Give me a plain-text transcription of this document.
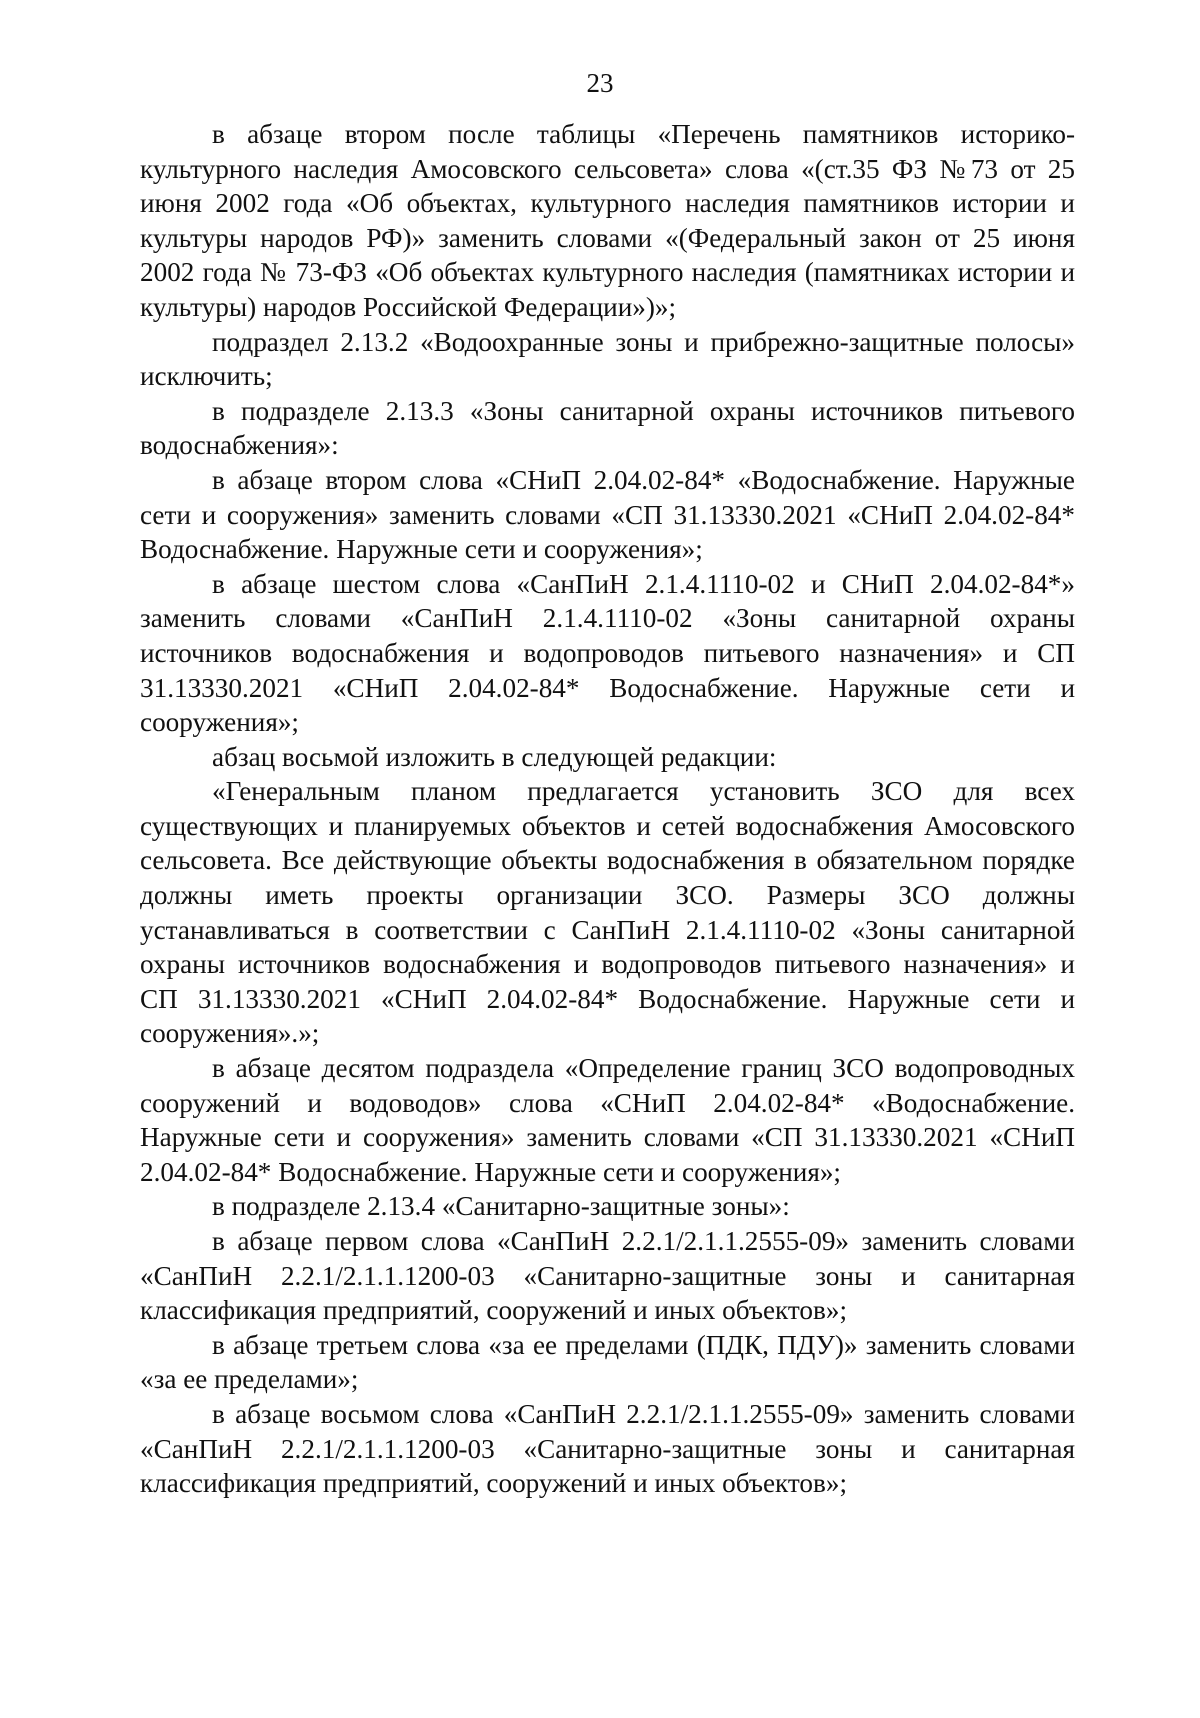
23

в абзаце втором после таблицы «Перечень памятников историко-культурного наследия Амосовского сельсовета» слова «(ст.35 ФЗ №73 от 25 июня 2002 года «Об объектах, культурного наследия памятников истории и культуры народов РФ)» заменить словами «(Федеральный закон от 25 июня 2002 года № 73-ФЗ «Об объектах культурного наследия (памятниках истории и культуры) народов Российской Федерации»)»;

подраздел 2.13.2 «Водоохранные зоны и прибрежно-защитные полосы» исключить;

в подразделе 2.13.3 «Зоны санитарной охраны источников питьевого водоснабжения»:

в абзаце втором слова «СНиП 2.04.02-84* «Водоснабжение. Наружные сети и сооружения» заменить словами «СП 31.13330.2021 «СНиП 2.04.02-84* Водоснабжение. Наружные сети и сооружения»;

в абзаце шестом слова «СанПиН 2.1.4.1110-02 и СНиП 2.04.02-84*» заменить словами «СанПиН 2.1.4.1110-02 «Зоны санитарной охраны источников водоснабжения и водопроводов питьевого назначения» и СП 31.13330.2021 «СНиП 2.04.02-84* Водоснабжение. Наружные сети и сооружения»;

абзац восьмой изложить в следующей редакции:

«Генеральным планом предлагается установить ЗСО для всех существующих и планируемых объектов и сетей водоснабжения Амосовского сельсовета. Все действующие объекты водоснабжения в обязательном порядке должны иметь проекты организации ЗСО. Размеры ЗСО должны устанавливаться в соответствии с СанПиН 2.1.4.1110-02 «Зоны санитарной охраны источников водоснабжения и водопроводов питьевого назначения» и СП 31.13330.2021 «СНиП 2.04.02-84* Водоснабжение. Наружные сети и сооружения».»;

в абзаце десятом подраздела «Определение границ ЗСО водопроводных сооружений и водоводов» слова «СНиП 2.04.02-84* «Водоснабжение. Наружные сети и сооружения» заменить словами «СП 31.13330.2021 «СНиП 2.04.02-84* Водоснабжение. Наружные сети и сооружения»;

в подразделе 2.13.4 «Санитарно-защитные зоны»:

в абзаце первом слова «СанПиН 2.2.1/2.1.1.2555-09» заменить словами «СанПиН 2.2.1/2.1.1.1200-03 «Санитарно-защитные зоны и санитарная классификация предприятий, сооружений и иных объектов»;

в абзаце третьем слова «за ее пределами (ПДК, ПДУ)» заменить словами «за ее пределами»;

в абзаце восьмом слова «СанПиН 2.2.1/2.1.1.2555-09» заменить словами «СанПиН 2.2.1/2.1.1.1200-03 «Санитарно-защитные зоны и санитарная классификация предприятий, сооружений и иных объектов»;
